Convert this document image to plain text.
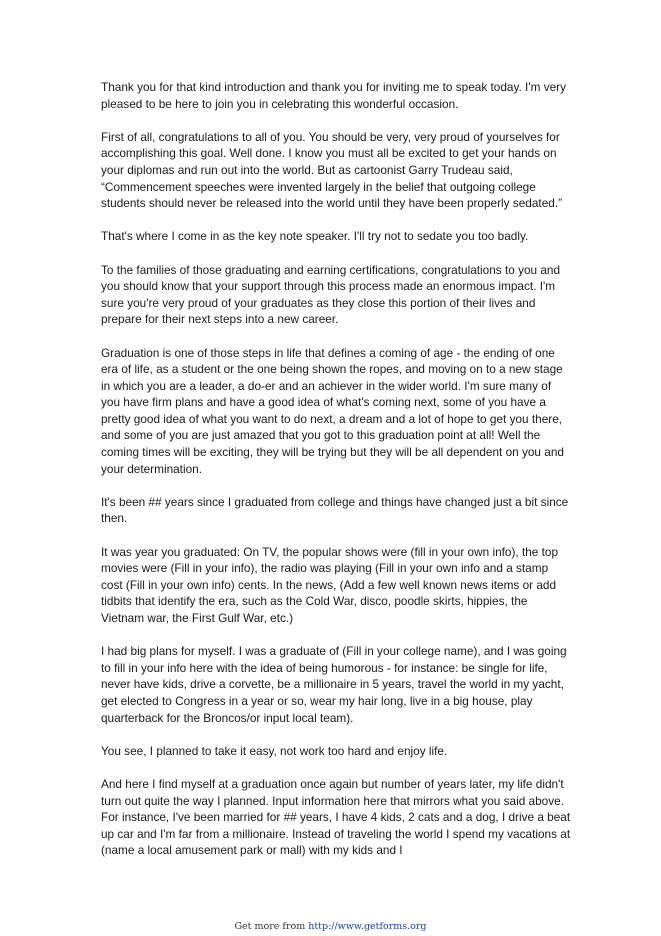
Thank you for that kind introduction and thank you for inviting me to speak today. I'm very pleased to be here to join you in celebrating this wonderful occasion.

First of all, congratulations to all of you. You should be very, very proud of yourselves for accomplishing this goal. Well done. I know you must all be excited to get your hands on your diplomas and run out into the world. But as cartoonist Garry Trudeau said, “Commencement speeches were invented largely in the belief that outgoing college students should never be released into the world until they have been properly sedated.”

That's where I come in as the key note speaker. I'll try not to sedate you too badly.

To the families of those graduating and earning certifications, congratulations to you and you should know that your support through this process made an enormous impact. I'm sure you're very proud of your graduates as they close this portion of their lives and prepare for their next steps into a new career.

Graduation is one of those steps in life that defines a coming of age - the ending of one era of life, as a student or the one being shown the ropes, and moving on to a new stage in which you are a leader, a do-er and an achiever in the wider world. I'm sure many of you have firm plans and have a good idea of what's coming next, some of you have a pretty good idea of what you want to do next, a dream and a lot of hope to get you there, and some of you are just amazed that you got to this graduation point at all! Well the coming times will be exciting, they will be trying but they will be all dependent on you and your determination.

It's been ## years since I graduated from college and things have changed just a bit since then.

It was year you graduated: On TV, the popular shows were (fill in your own info), the top movies were (Fill in your info), the radio was playing (Fill in your own info and a stamp cost (Fill in your own info) cents. In the news, (Add a few well known news items or add tidbits that identify the era, such as the Cold War, disco, poodle skirts, hippies, the Vietnam war, the First Gulf War, etc.)

I had big plans for myself. I was a graduate of (Fill in your college name), and I was going to fill in your info here with the idea of being humorous - for instance: be single for life, never have kids, drive a corvette, be a millionaire in 5 years, travel the world in my yacht, get elected to Congress in a year or so, wear my hair long, live in a big house, play quarterback for the Broncos/or input local team).

You see, I planned to take it easy, not work too hard and enjoy life.

And here I find myself at a graduation once again but number of years later, my life didn't turn out quite the way I planned. Input information here that mirrors what you said above. For instance, I've been married for ## years, I have 4 kids, 2 cats and a dog, I drive a beat up car and I'm far from a millionaire. Instead of traveling the world I spend my vacations at (name a local amusement park or mall) with my kids and I

Get more from http://www.getforms.org
